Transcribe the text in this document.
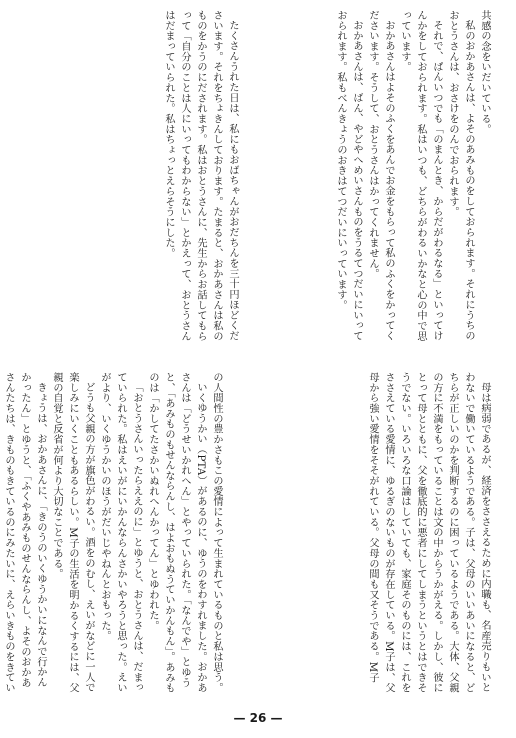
共感の念をいだいている。

私のおかあさんは、よそのあみものをしておられます。それにうちのおとうさんは、おさけをのんでおられます。

それで、ぱんいつでも「のまんとき、からだがわるなる」といってけんかをしておられます。私はいつも、どちらがわるいかなと心の中で思っています。

おかあさんはよそのふくをあんでお金をもらって私のふくをかってくださいます。そうして、おとうさんはかってくれません。

おかあさんは、ばん、やどやへめいさんものをうるてつだいにいっておられます。私もべんきょうのおきはてつだいにいっています。

たくさんうれた日は、私にもおばちゃんがおだちんを三十円ほどくださいます。それをちょきんしております。たまると、おかあさんは私のものをかうのにだされます。私はおとうさんに、先生からお話してもらって「自分のことは人にいってもわからない」とかえって、おとうさんはだまっていられた。私はちょっとえらそうにした。

母は病弱であるが、経済をささえるために内職も、名産売りもいとわないで働いているようである。子は、父母のいいあいになると、どちらが正しいのかを判断するのに困っているようである。大体、父親の方に不満をもっていることは文の中からうかがえる。しかし、彼にとって母とともに、父を徹底的に悪者にしてしまうというとはできそうでない。いろいろな口論はしていても、家庭そのものには、これをささえている愛情に、ゆるぎのないものが存在している。M子は、父母から強い愛情をそそがれている。父母の間も又そうである。M子

の人間性の豊かさもこの愛情によって生まれているものと私は思う。

いくゆうかい（PTA）があるのに、ゆうのをわすれました。おかあさんは「どうせいかれへん」とやっていられた。「なんでや」とゆうと、「あみものもせんならんし、はよおもぬうていかんもん」。あみものは「かしてたさかいぬれへんかってん」とゆわれた。

「おとうさんいったらええのに」とゆうと、おとうさんは、だまっていられた。私はえいがにいかんならんさかいやろうと思った。えいがより、いくゆうかいのほうがだいじやねんとおもった。

どうも父親の方が旗色がわるい。酒をのむし、えいがなどに一人で楽しみにいくこともあるらしい。M子の生活を明かるくするには、父親の自覚と反省が何より大切なことである。

きょうは、おかあさんに、「きのうのいくゆうかいになんで行かんかったん」とゆうと、「ふくやあみものせんならんし、よそのおかあさんたちは、きものもきているのにみたいに、えらいきものをきてい

— 26 —
